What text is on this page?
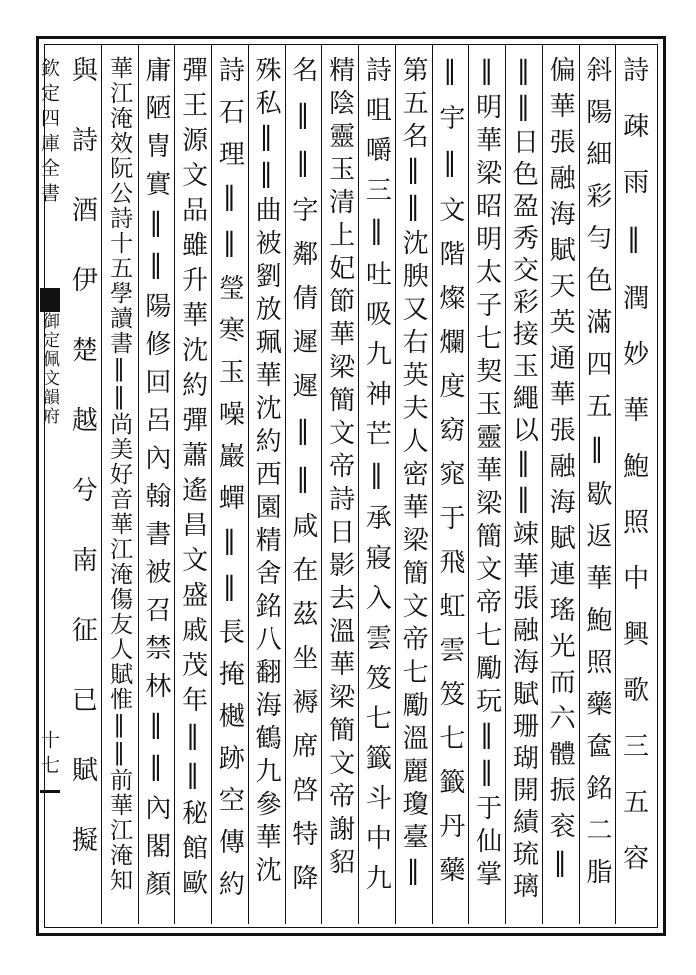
欽定四庫全書
御定佩文韻府
十七	詩疎雨‖潤妙華鮑照中興歌三五容
斜陽細彩勻色滿四五‖歇返華鮑照藥奩銘二脂
偏華張融海賦天英通華張融海賦連瑤光而六體振衮‖
‖‖日色盈秀交彩接玉繩以‖‖竦華張融海賦珊瑚開績琉璃
‖明華梁昭明太子七契玉靈華梁簡文帝七勵玩‖‖于仙掌
‖宇‖文階燦爛度窈窕于飛虹雲笈七籤丹藥
第五名‖‖沈腴又右英夫人密華梁簡文帝七勵溫麗瓊臺‖
詩咀嚼三‖吐吸九神芒‖承寢入雲笈七籤斗中九
精陰靈玉清上妃節華梁簡文帝詩日影去溫華梁簡文帝謝貂
名‖‖字鄰倩遲遲‖‖咸在茲坐褥席啓特降
殊私‖‖曲被劉放珮華沈約西園精舍銘八翻海鶴九參華沈
詩石理‖‖瑩寒玉噪巖蟬‖‖長掩樾跡空傳約
彈王源文品雖升華沈約彈蕭遙昌文盛戚茂年‖‖秘館歐
庸陋冑實‖‖陽修回呂內翰書被召禁林‖‖內閣顏
華江淹效阮公詩十五學讀書‖‖尚美好音華江淹傷友人賦惟‖‖前華江淹知
與詩酒伊楚越兮南征已賦擬
